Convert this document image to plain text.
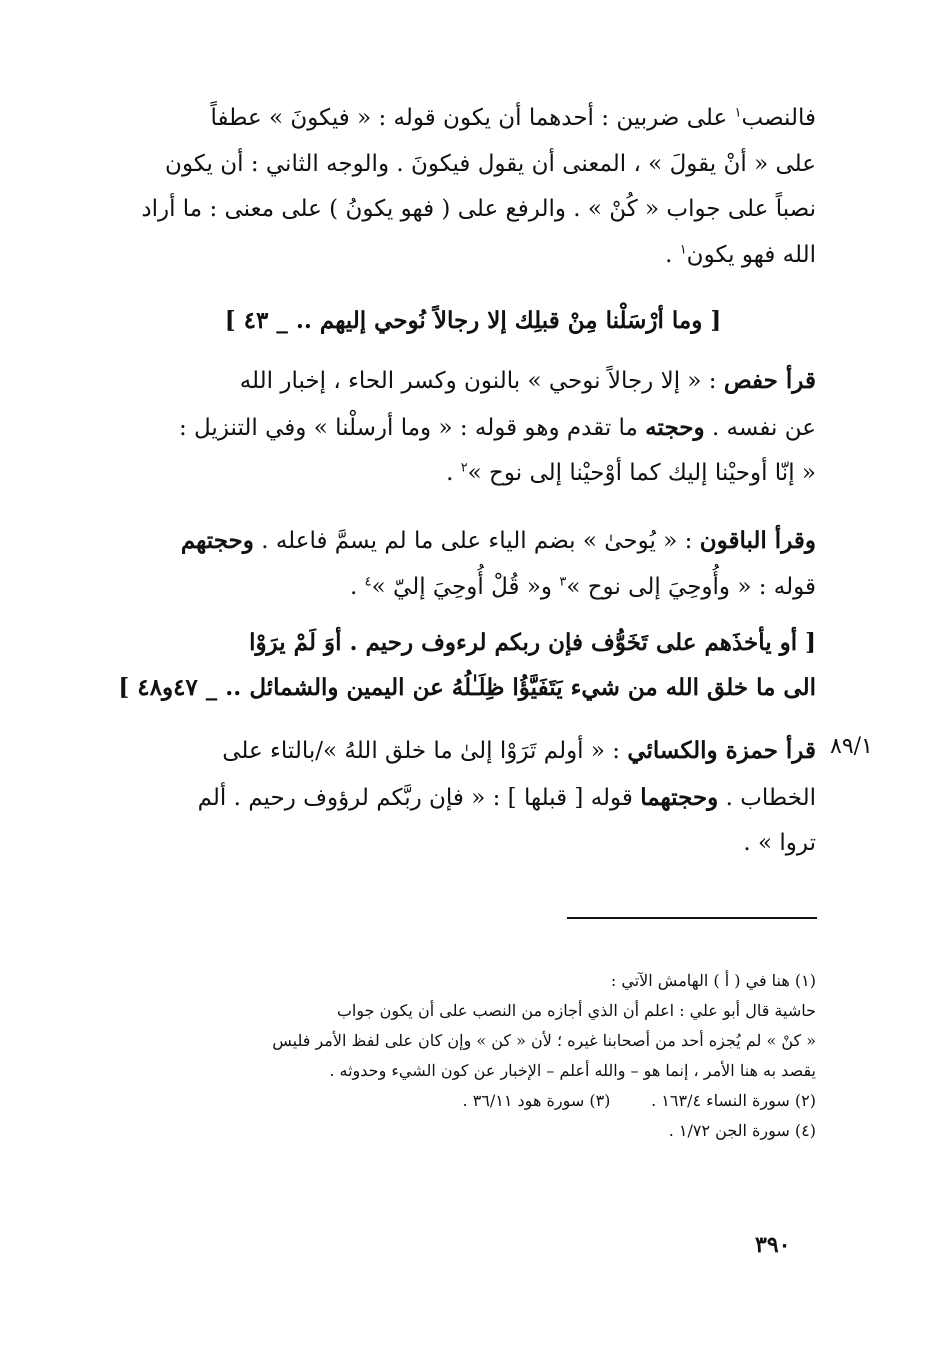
فالنصب$^١$ على ضربين : أحدهما أن يكون قوله : « فيكونَ » عطفاً
على « أنْ يقولَ » ، المعنى أن يقول فيكونَ . والوجه الثاني : أن يكون
نصباً على جواب « كُنْ » . والرفع على ( فهو يكونُ ) على معنى : ما أراد
الله فهو يكون$^١$ .
[ وما أرْسَلْنا مِنْ قبلِك إلا رجالاً نُوحي إليهم .. _ ٤٣ ]
قرأ حفص : « إلا رجالاً نوحي » بالنون وكسر الحاء ، إخبار الله
عن نفسه . وحجته ما تقدم وهو قوله : « وما أرسلْنا » وفي التنزيل :
« إنّا أوحيْنا إليك كما أوْحيْنا إلى نوح »$^٢$ .
وقرأ الباقون : « يُوحىٰ » بضم الياء على ما لم يسمَّ فاعله . وحجتهم
قوله : « وأُوحِيَ إلى نوح »$^٣$ و« قُلْ أُوحِيَ إليّ »$^٤$ .
[ أو يأخذَهم على تَخَوُّف فإن ربكم لرءوف رحيم . أوَ لَمْ يرَوْا
الى ما خلق الله من شيء يَتَفَيَّؤُا ظِلَـٰلُهُ عن اليمين والشمائل .. _ ٤٧و٤٨ ]
قرأ حمزة والكسائي : « أولم تَرَوْا إلىٰ ما خلق اللهُ »/بالتاء على
الخطاب . وحجتهما قوله [ قبلها ] : « فإن ربَّكم لرؤوف رحيم . ألم
تروا » .
٨٩/١
(١) هنا في ( أ ) الهامش الآتي :
حاشية قال أبو علي : اعلم أن الذي أجازه من النصب على أن يكون جواب
« كنْ » لم يُجزه أحد من أصحابنا غيره ؛ لأن « كن » وإن كان على لفظ الأمر فليس
يقصد به هنا الأمر ، إنما هو – والله أعلم – الإخبار عن كون الشيء وحدوثه .
(٢) سورة النساء ١٦٣/٤ .        (٣) سورة هود ٣٦/١١ .
(٤) سورة الجن ١/٧٢ .
٣٩٠
